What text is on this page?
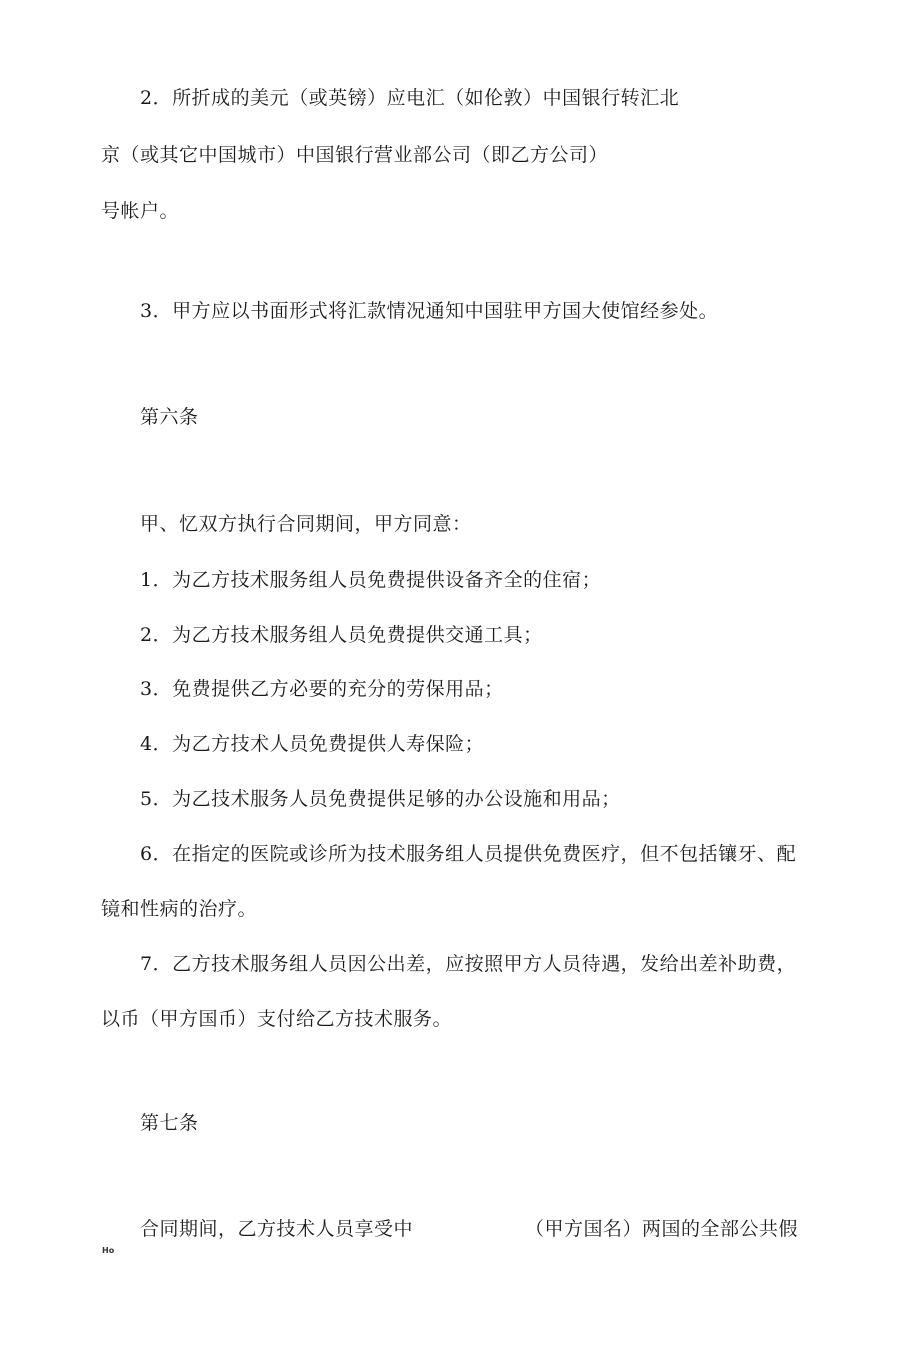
2．所折成的美元（或英镑）应电汇（如伦敦）中国银行转汇北
京（或其它中国城市）中国银行营业部公司（即乙方公司）
号帐户。
3．甲方应以书面形式将汇款情况通知中国驻甲方国大使馆经参处。
第六条
甲、忆双方执行合同期间，甲方同意：
1．为乙方技术服务组人员免费提供设备齐全的住宿；
2．为乙方技术服务组人员免费提供交通工具；
3．免费提供乙方必要的充分的劳保用品；
4．为乙方技术人员免费提供人寿保险；
5．为乙技术服务人员免费提供足够的办公设施和用品；
6．在指定的医院或诊所为技术服务组人员提供免费医疗，但不包括镶牙、配
镜和性病的治疗。
7．乙方技术服务组人员因公出差，应按照甲方人员待遇，发给出差补助费，
以币（甲方国币）支付给乙方技术服务。
第七条
合同期间，乙方技术人员享受中	（甲方国名）两国的全部公共假
Ho
